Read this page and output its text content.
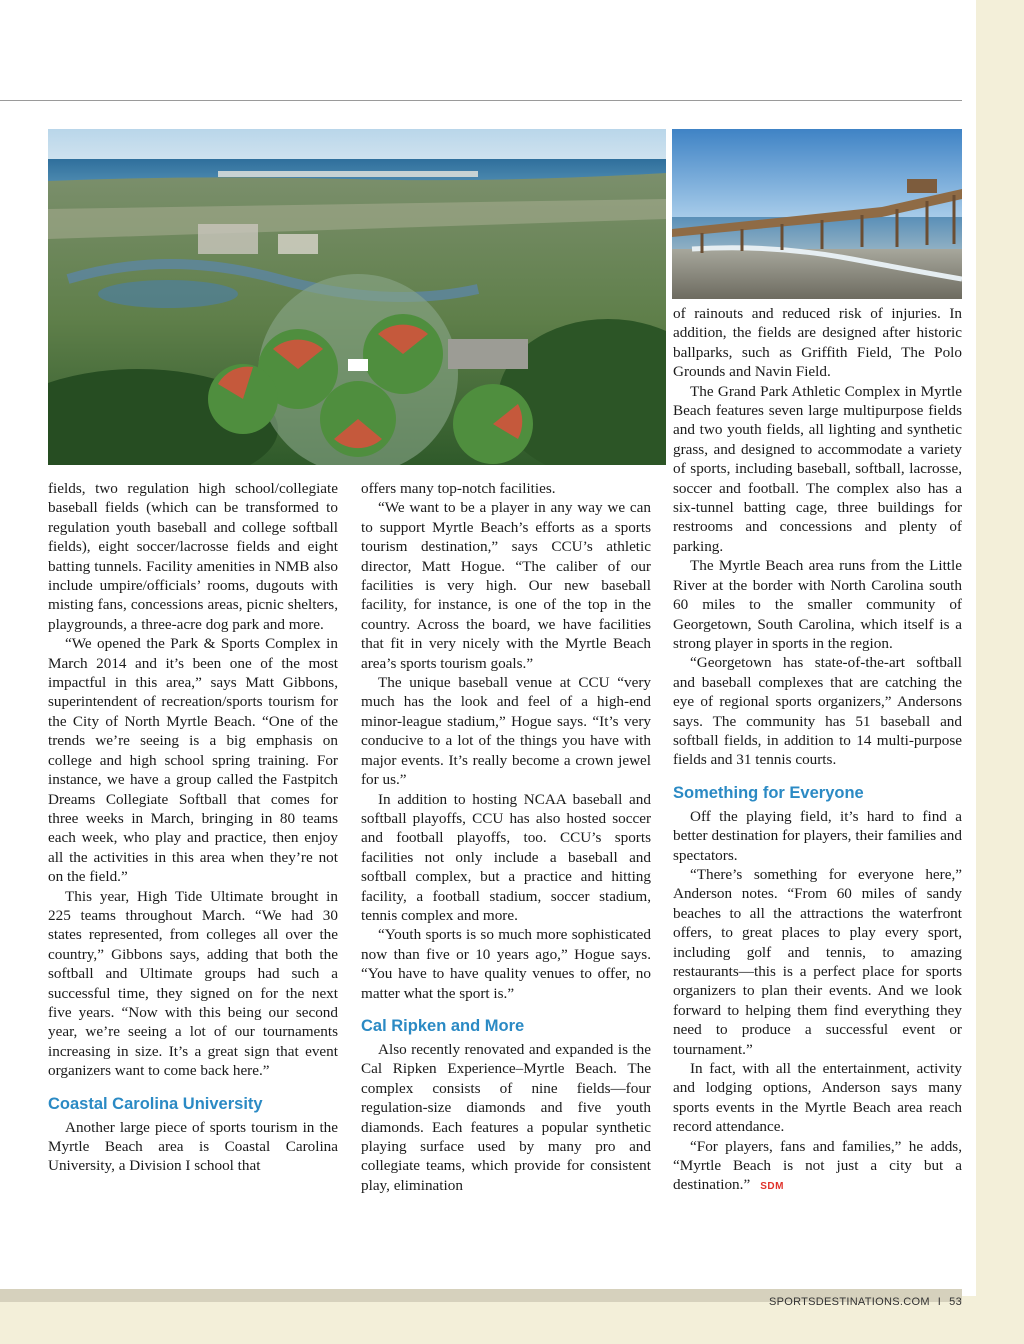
fields, two regulation high school/collegiate baseball fields (which can be transformed to regulation youth baseball and college softball fields), eight soccer/lacrosse fields and eight batting tunnels. Facility amenities in NMB also include umpire/officials’ rooms, dugouts with misting fans, concessions areas, picnic shelters, playgrounds, a three-acre dog park and more.

“We opened the Park & Sports Complex in March 2014 and it’s been one of the most impactful in this area,” says Matt Gibbons, superintendent of recreation/sports tourism for the City of North Myrtle Beach. “One of the trends we’re seeing is a big emphasis on college and high school spring training. For instance, we have a group called the Fastpitch Dreams Collegiate Softball that comes for three weeks in March, bringing in 80 teams each week, who play and practice, then enjoy all the activities in this area when they’re not on the field.”

This year, High Tide Ultimate brought in 225 teams throughout March. “We had 30 states represented, from colleges all over the country,” Gibbons says, adding that both the softball and Ultimate groups had such a successful time, they signed on for the next five years. “Now with this being our second year, we’re seeing a lot of our tournaments increasing in size. It’s a great sign that event organizers want to come back here.”

Coastal Carolina University

Another large piece of sports tourism in the Myrtle Beach area is Coastal Carolina University, a Division I school that

offers many top-notch facilities.

“We want to be a player in any way we can to support Myrtle Beach’s efforts as a sports tourism destination,” says CCU’s athletic director, Matt Hogue. “The caliber of our facilities is very high. Our new baseball facility, for instance, is one of the top in the country. Across the board, we have facilities that fit in very nicely with the Myrtle Beach area’s sports tourism goals.”

The unique baseball venue at CCU “very much has the look and feel of a high-end minor-league stadium,” Hogue says. “It’s very conducive to a lot of the things you have with major events. It’s really become a crown jewel for us.”

In addition to hosting NCAA baseball and softball playoffs, CCU has also hosted soccer and football playoffs, too. CCU’s sports facilities not only include a baseball and softball complex, but a practice and hitting facility, a football stadium, soccer stadium, tennis complex and more.

“Youth sports is so much more sophisticated now than five or 10 years ago,” Hogue says. “You have to have quality venues to offer, no matter what the sport is.”

Cal Ripken and More

Also recently renovated and expanded is the Cal Ripken Experience–Myrtle Beach. The complex consists of nine fields—four regulation-size diamonds and five youth diamonds. Each features a popular synthetic playing surface used by many pro and collegiate teams, which provide for consistent play, elimination

of rainouts and reduced risk of injuries. In addition, the fields are designed after historic ballparks, such as Griffith Field, The Polo Grounds and Navin Field.

The Grand Park Athletic Complex in Myrtle Beach features seven large multipurpose fields and two youth fields, all lighting and synthetic grass, and designed to accommodate a variety of sports, including baseball, softball, lacrosse, soccer and football. The complex also has a six-tunnel batting cage, three buildings for restrooms and concessions and plenty of parking.

The Myrtle Beach area runs from the Little River at the border with North Carolina south 60 miles to the smaller community of Georgetown, South Carolina, which itself is a strong player in sports in the region.

“Georgetown has state-of-the-art softball and baseball complexes that are catching the eye of regional sports organizers,” Andersons says. The community has 51 baseball and softball fields, in addition to 14 multi-purpose fields and 31 tennis courts.

Something for Everyone

Off the playing field, it’s hard to find a better destination for players, their families and spectators.

“There’s something for everyone here,” Anderson notes. “From 60 miles of sandy beaches to all the attractions the waterfront offers, to great places to play every sport, including golf and tennis, to amazing restaurants—this is a perfect place for sports organizers to plan their events. And we look forward to helping them find everything they need to produce a successful event or tournament.”

In fact, with all the entertainment, activity and lodging options, Anderson says many sports events in the Myrtle Beach area reach record attendance.

“For players, fans and families,” he adds, “Myrtle Beach is not just a city but a destination.” SDM

SPORTSDESTINATIONS.COM I 53
